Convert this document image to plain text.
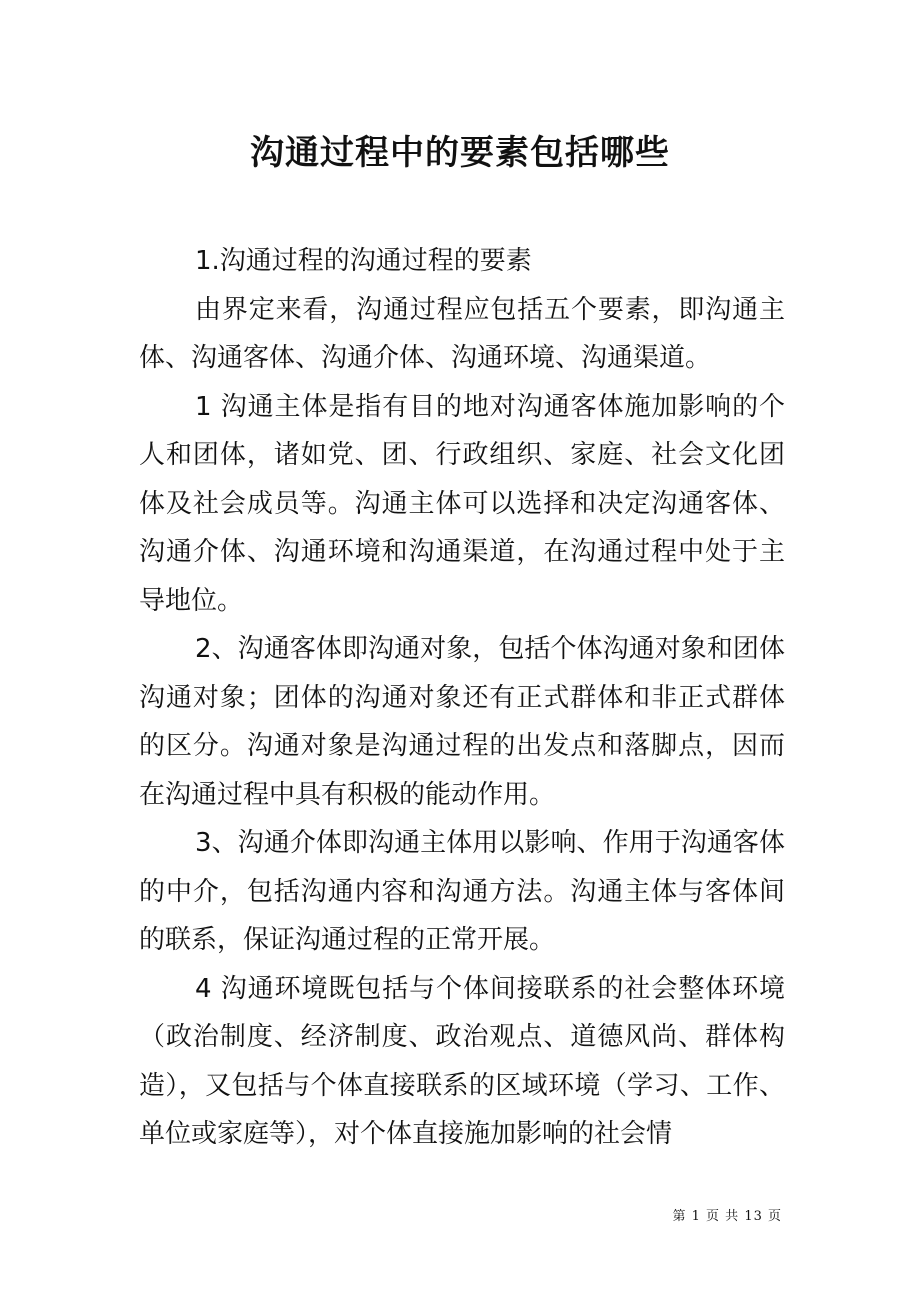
沟通过程中的要素包括哪些

1.沟通过程的沟通过程的要素

由界定来看，沟通过程应包括五个要素，即沟通主体、沟通客体、沟通介体、沟通环境、沟通渠道。

1 沟通主体是指有目的地对沟通客体施加影响的个人和团体，诸如党、团、行政组织、家庭、社会文化团体及社会成员等。沟通主体可以选择和决定沟通客体、沟通介体、沟通环境和沟通渠道，在沟通过程中处于主导地位。

2、沟通客体即沟通对象，包括个体沟通对象和团体沟通对象；团体的沟通对象还有正式群体和非正式群体的区分。沟通对象是沟通过程的出发点和落脚点，因而在沟通过程中具有积极的能动作用。

3、沟通介体即沟通主体用以影响、作用于沟通客体的中介，包括沟通内容和沟通方法。沟通主体与客体间的联系，保证沟通过程的正常开展。

4 沟通环境既包括与个体间接联系的社会整体环境（政治制度、经济制度、政治观点、道德风尚、群体构造），又包括与个体直接联系的区域环境（学习、工作、单位或家庭等），对个体直接施加影响的社会情

第 1 页 共 13 页
